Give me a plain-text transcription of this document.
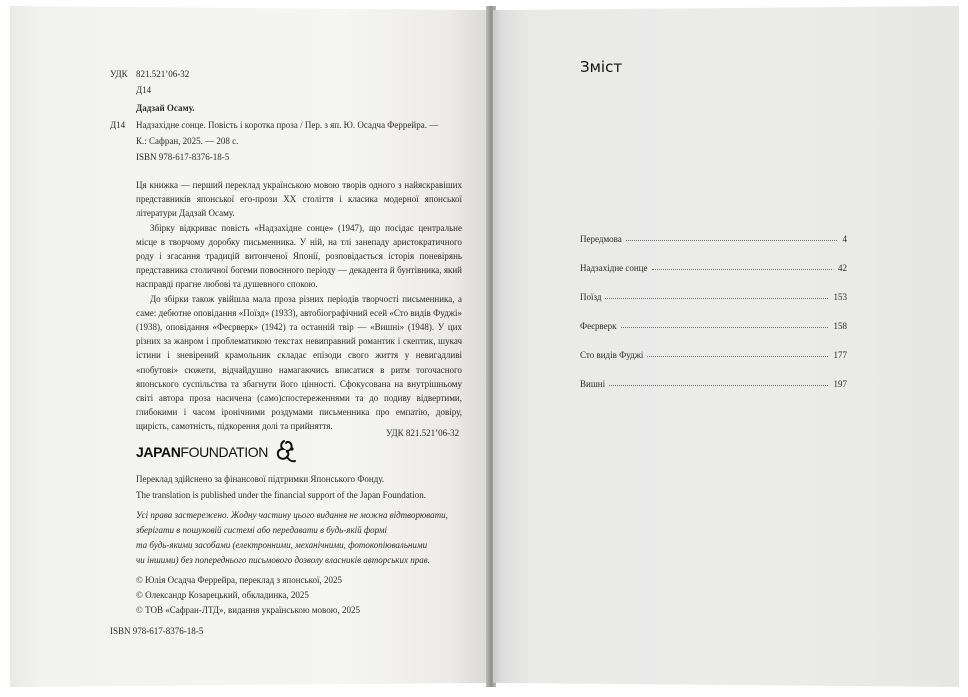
УДК 821.521’06-32
Д14
Дадзай Осаму.
Д14 Надзахідне сонце. Повість і коротка проза / Пер. з яп. Ю. Осадча Феррейра. —
К.: Сафран, 2025. — 208 с.
ISBN 978-617-8376-18-5

Ця книжка — перший переклад українською мовою творів одного з найяскравіших представників японської его-прози XX століття і класика модерної японської літератури Дадзай Осаму.

Збірку відкриває повість «Надзахідне сонце» (1947), що посідає центральне місце в творчому доробку письменника. У ній, на тлі занепаду аристократичного роду і згасання традицій витонченої Японії, розповідається історія поневірянь представника столичної богеми повоєнного періоду — декадента й бунтівника, який насправді прагне любові та душевного спокою.

До збірки також увійшла мала проза різних періодів творчості письменника, а саме: дебютне оповідання «Поїзд» (1933), автобіографічний есей «Сто видів Фуджі» (1938), оповідання «Феєрверк» (1942) та останній твір — «Вишні» (1948). У цих різних за жанром і проблематикою текстах невиправний романтик і скептик, шукач істини і зневірений крамольник складає епізоди свого життя у невигадливі «побутові» сюжети, відчайдушно намагаючись вписатися в ритм тогочасного японського суспільства та збагнути його цінності. Сфокусована на внутрішньому світі автора проза насичена (само)спостереженнями та до подиву відвертими, глибокими і часом іронічними роздумами письменника про емпатію, довіру, щирість, самотність, підкорення долі та прийняття.

УДК 821.521’06-32
JAPAN FOUNDATION
Переклад здійснено за фінансової підтримки Японського Фонду.
The translation is published under the financial support of the Japan Foundation.
Усі права застережено. Жодну частину цього видання не можна відтворювати,
зберігати в пошуковій системі або передавати в будь-якій формі
та будь-якими засобами (електронними, механічними, фотокопіювальними
чи іншими) без попереднього письмового дозволу власників авторських прав.
© Юлія Осадча Феррейра, переклад з японської, 2025
© Олександр Козарецький, обкладинка, 2025
© ТОВ «Сафран-ЛТД», видання українською мовою, 2025
ISBN 978-617-8376-18-5
Зміст
Передмова	4
Надзахідне сонце	42
Поїзд	153
Феєрверк	158
Сто видів Фуджі	177
Вишні	197
